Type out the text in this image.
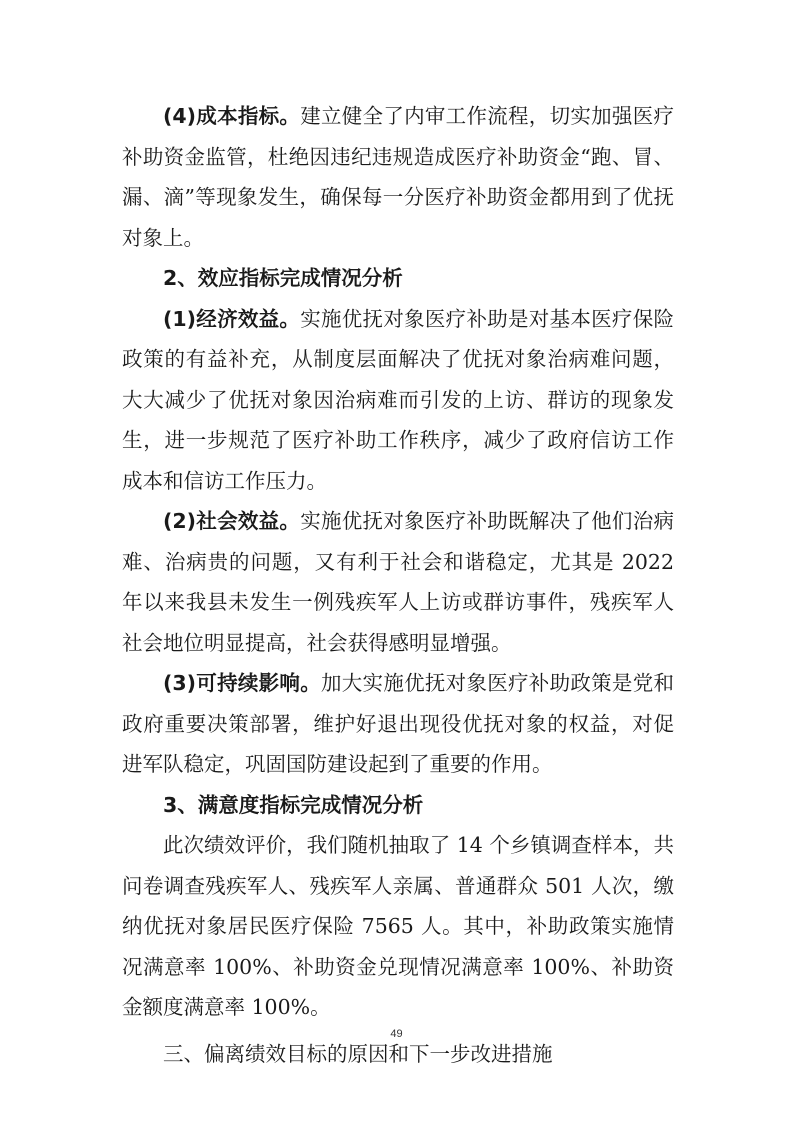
(4)成本指标。建立健全了内审工作流程，切实加强医疗补助资金监管，杜绝因违纪违规造成医疗补助资金“跑、冒、漏、滴”等现象发生，确保每一分医疗补助资金都用到了优抚对象上。

2、效应指标完成情况分析

(1)经济效益。实施优抚对象医疗补助是对基本医疗保险政策的有益补充，从制度层面解决了优抚对象治病难问题，大大减少了优抚对象因治病难而引发的上访、群访的现象发生，进一步规范了医疗补助工作秩序，减少了政府信访工作成本和信访工作压力。

(2)社会效益。实施优抚对象医疗补助既解决了他们治病难、治病贵的问题，又有利于社会和谐稳定，尤其是 2022 年以来我县未发生一例残疾军人上访或群访事件，残疾军人社会地位明显提高，社会获得感明显增强。

(3)可持续影响。加大实施优抚对象医疗补助政策是党和政府重要决策部署，维护好退出现役优抚对象的权益，对促进军队稳定，巩固国防建设起到了重要的作用。

3、满意度指标完成情况分析

此次绩效评价，我们随机抽取了 14 个乡镇调查样本，共问卷调查残疾军人、残疾军人亲属、普通群众 501 人次，缴纳优抚对象居民医疗保险 7565 人。其中，补助政策实施情况满意率 100%、补助资金兑现情况满意率 100%、补助资金额度满意率 100%。

三、偏离绩效目标的原因和下一步改进措施

49
